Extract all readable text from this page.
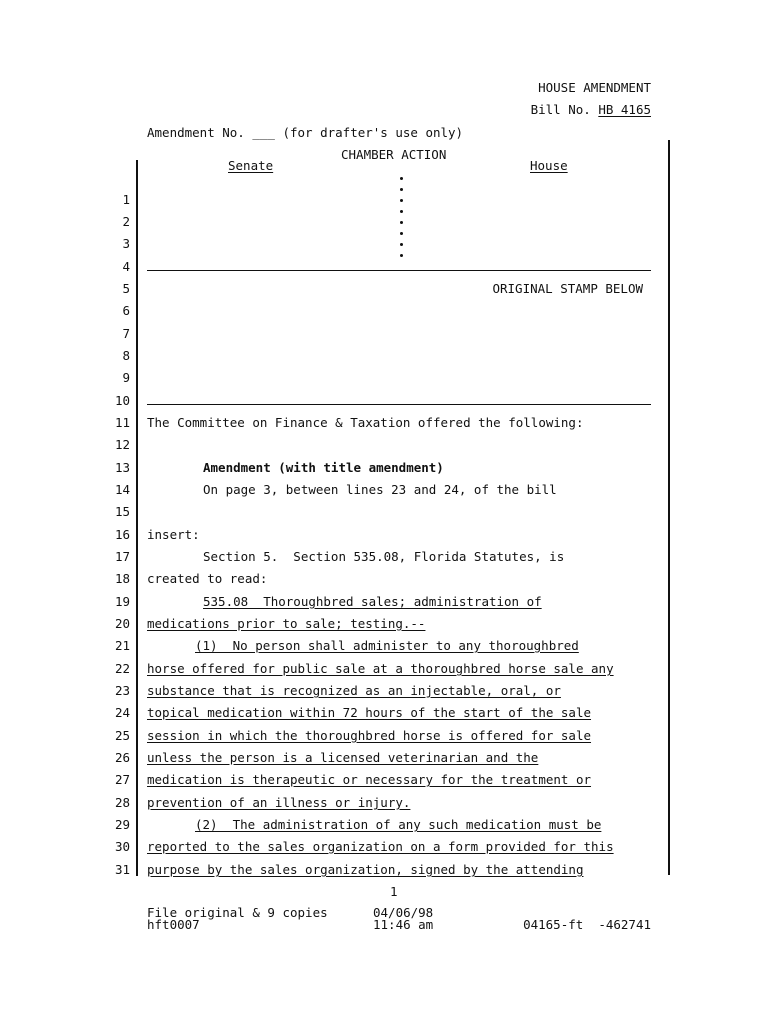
HOUSE AMENDMENT
Bill No. HB 4165
Amendment No. ___ (for drafter's use only)
CHAMBER ACTION
Senate	House
ORIGINAL STAMP BELOW
1
2
3
4
5
6
7
8
9
10
11
12
13
14
15
16
17
18
19
20
21
22
23
24
25
26
27
28
29
30
31
The Committee on Finance & Taxation offered the following:
Amendment (with title amendment)
On page 3, between lines 23 and 24, of the bill
insert:
Section 5.  Section 535.08, Florida Statutes, is
created to read:
535.08  Thoroughbred sales; administration of
medications prior to sale; testing.--
(1)  No person shall administer to any thoroughbred
horse offered for public sale at a thoroughbred horse sale any
substance that is recognized as an injectable, oral, or
topical medication within 72 hours of the start of the sale
session in which the thoroughbred horse is offered for sale
unless the person is a licensed veterinarian and the
medication is therapeutic or necessary for the treatment or
prevention of an illness or injury.
(2)  The administration of any such medication must be
reported to the sales organization on a form provided for this
purpose by the sales organization, signed by the attending
1
File original & 9 copies
hft0007
04/06/98
11:46 am	04165-ft  -462741
